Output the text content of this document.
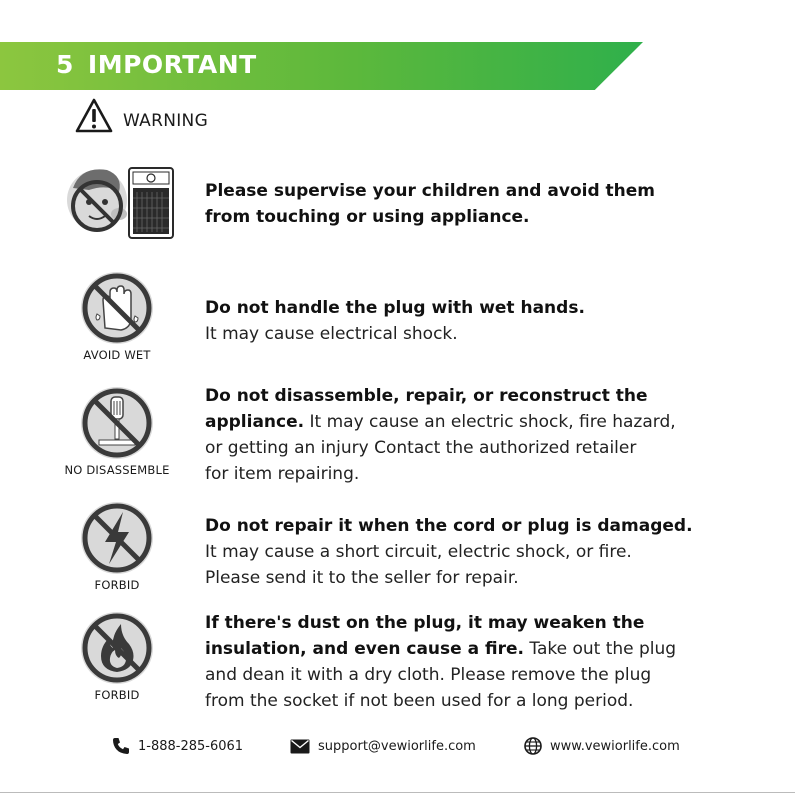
5 IMPORTANT
WARNING
Please supervise your children and avoid them
from touching or using appliance.
AVOID WET
Do not handle the plug with wet hands.
It may cause electrical shock.
NO DISASSEMBLE
Do not disassemble, repair, or reconstruct the
appliance. It may cause an electric shock, fire hazard,
or getting an injury Contact the authorized retailer
for item repairing.
FORBID
Do not repair it when the cord or plug is damaged.
It may cause a short circuit, electric shock, or fire.
Please send it to the seller for repair.
FORBID
If there's dust on the plug, it may weaken the
insulation, and even cause a fire. Take out the plug
and dean it with a dry cloth. Please remove the plug
from the socket if not been used for a long period.
1-888-285-6061	support@vewiorlife.com	www.vewiorlife.com
